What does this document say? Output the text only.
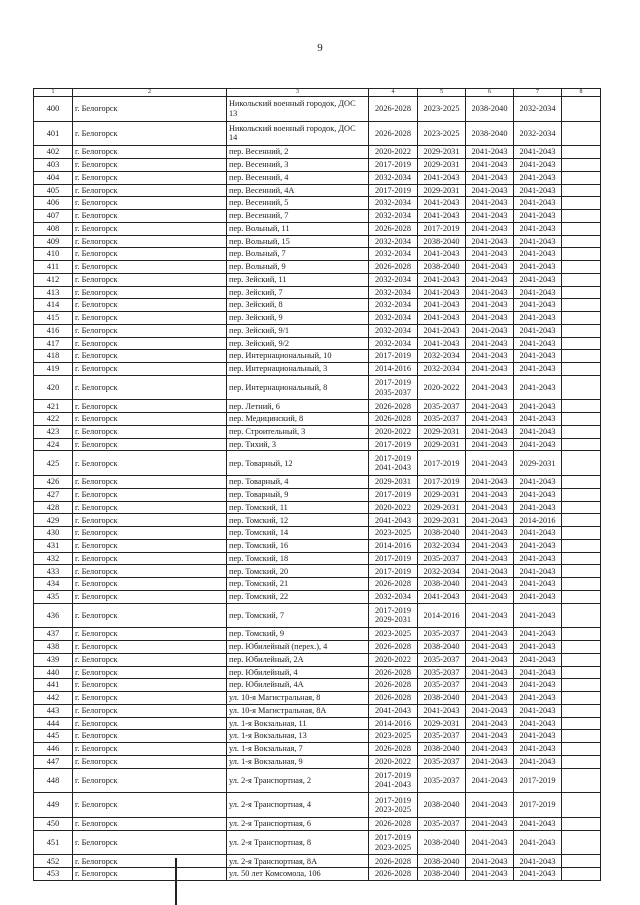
9
1	2	3	4	5	6	7	8
400	г. Белогорск	Никольский военный городок, ДОС 13	2026-2028	2023-2025	2038-2040	2032-2034	
401	г. Белогорск	Никольский военный городок, ДОС 14	2026-2028	2023-2025	2038-2040	2032-2034	
402	г. Белогорск	пер. Весенний, 2	2020-2022	2029-2031	2041-2043	2041-2043	
403	г. Белогорск	пер. Весенний, 3	2017-2019	2029-2031	2041-2043	2041-2043	
404	г. Белогорск	пер. Весенний, 4	2032-2034	2041-2043	2041-2043	2041-2043	
405	г. Белогорск	пер. Весенний, 4А	2017-2019	2029-2031	2041-2043	2041-2043	
406	г. Белогорск	пер. Весенний, 5	2032-2034	2041-2043	2041-2043	2041-2043	
407	г. Белогорск	пер. Весенний, 7	2032-2034	2041-2043	2041-2043	2041-2043	
408	г. Белогорск	пер. Вольный, 11	2026-2028	2017-2019	2041-2043	2041-2043	
409	г. Белогорск	пер. Вольный, 15	2032-2034	2038-2040	2041-2043	2041-2043	
410	г. Белогорск	пер. Вольный, 7	2032-2034	2041-2043	2041-2043	2041-2043	
411	г. Белогорск	пер. Вольный, 9	2026-2028	2038-2040	2041-2043	2041-2043	
412	г. Белогорск	пер. Зейский, 11	2032-2034	2041-2043	2041-2043	2041-2043	
413	г. Белогорск	пер. Зейский, 7	2032-2034	2041-2043	2041-2043	2041-2043	
414	г. Белогорск	пер. Зейский, 8	2032-2034	2041-2043	2041-2043	2041-2043	
415	г. Белогорск	пер. Зейский, 9	2032-2034	2041-2043	2041-2043	2041-2043	
416	г. Белогорск	пер. Зейский, 9/1	2032-2034	2041-2043	2041-2043	2041-2043	
417	г. Белогорск	пер. Зейский, 9/2	2032-2034	2041-2043	2041-2043	2041-2043	
418	г. Белогорск	пер. Интернациональный, 10	2017-2019	2032-2034	2041-2043	2041-2043	
419	г. Белогорск	пер. Интернациональный, 3	2014-2016	2032-2034	2041-2043	2041-2043	
420	г. Белогорск	пер. Интернациональный, 8	2017-2019 2035-2037	2020-2022	2041-2043	2041-2043	
421	г. Белогорск	пер. Летний, 6	2026-2028	2035-2037	2041-2043	2041-2043	
422	г. Белогорск	пер. Медицинский, 8	2026-2028	2035-2037	2041-2043	2041-2043	
423	г. Белогорск	пер. Строительный, 3	2020-2022	2029-2031	2041-2043	2041-2043	
424	г. Белогорск	пер. Тихий, 3	2017-2019	2029-2031	2041-2043	2041-2043	
425	г. Белогорск	пер. Товарный, 12	2017-2019 2041-2043	2017-2019	2041-2043	2029-2031	
426	г. Белогорск	пер. Товарный, 4	2029-2031	2017-2019	2041-2043	2041-2043	
427	г. Белогорск	пер. Товарный, 9	2017-2019	2029-2031	2041-2043	2041-2043	
428	г. Белогорск	пер. Томский, 11	2020-2022	2029-2031	2041-2043	2041-2043	
429	г. Белогорск	пер. Томский, 12	2041-2043	2029-2031	2041-2043	2014-2016	
430	г. Белогорск	пер. Томский, 14	2023-2025	2038-2040	2041-2043	2041-2043	
431	г. Белогорск	пер. Томский, 16	2014-2016	2032-2034	2041-2043	2041-2043	
432	г. Белогорск	пер. Томский, 18	2017-2019	2035-2037	2041-2043	2041-2043	
433	г. Белогорск	пер. Томский, 20	2017-2019	2032-2034	2041-2043	2041-2043	
434	г. Белогорск	пер. Томский, 21	2026-2028	2038-2040	2041-2043	2041-2043	
435	г. Белогорск	пер. Томский, 22	2032-2034	2041-2043	2041-2043	2041-2043	
436	г. Белогорск	пер. Томский, 7	2017-2019 2029-2031	2014-2016	2041-2043	2041-2043	
437	г. Белогорск	пер. Томский, 9	2023-2025	2035-2037	2041-2043	2041-2043	
438	г. Белогорск	пер. Юбилейный (перех.), 4	2026-2028	2038-2040	2041-2043	2041-2043	
439	г. Белогорск	пер. Юбилейный, 2А	2020-2022	2035-2037	2041-2043	2041-2043	
440	г. Белогорск	пер. Юбилейный, 4	2026-2028	2035-2037	2041-2043	2041-2043	
441	г. Белогорск	пер. Юбилейный, 4А	2026-2028	2035-2037	2041-2043	2041-2043	
442	г. Белогорск	ул. 10-я Магистральная, 8	2026-2028	2038-2040	2041-2043	2041-2043	
443	г. Белогорск	ул. 10-я Магистральная, 8А	2041-2043	2041-2043	2041-2043	2041-2043	
444	г. Белогорск	ул. 1-я Вокзальная, 11	2014-2016	2029-2031	2041-2043	2041-2043	
445	г. Белогорск	ул. 1-я Вокзальная, 13	2023-2025	2035-2037	2041-2043	2041-2043	
446	г. Белогорск	ул. 1-я Вокзальная, 7	2026-2028	2038-2040	2041-2043	2041-2043	
447	г. Белогорск	ул. 1-я Вокзальная, 9	2020-2022	2035-2037	2041-2043	2041-2043	
448	г. Белогорск	ул. 2-я Транспортная, 2	2017-2019 2041-2043	2035-2037	2041-2043	2017-2019	
449	г. Белогорск	ул. 2-я Транспортная, 4	2017-2019 2023-2025	2038-2040	2041-2043	2017-2019	
450	г. Белогорск	ул. 2-я Транспортная, 6	2026-2028	2035-2037	2041-2043	2041-2043	
451	г. Белогорск	ул. 2-я Транспортная, 8	2017-2019 2023-2025	2038-2040	2041-2043	2041-2043	
452	г. Белогорск	ул. 2-я Транспортная, 8А	2026-2028	2038-2040	2041-2043	2041-2043	
453	г. Белогорск	ул. 50 лет Комсомола, 106	2026-2028	2038-2040	2041-2043	2041-2043	
